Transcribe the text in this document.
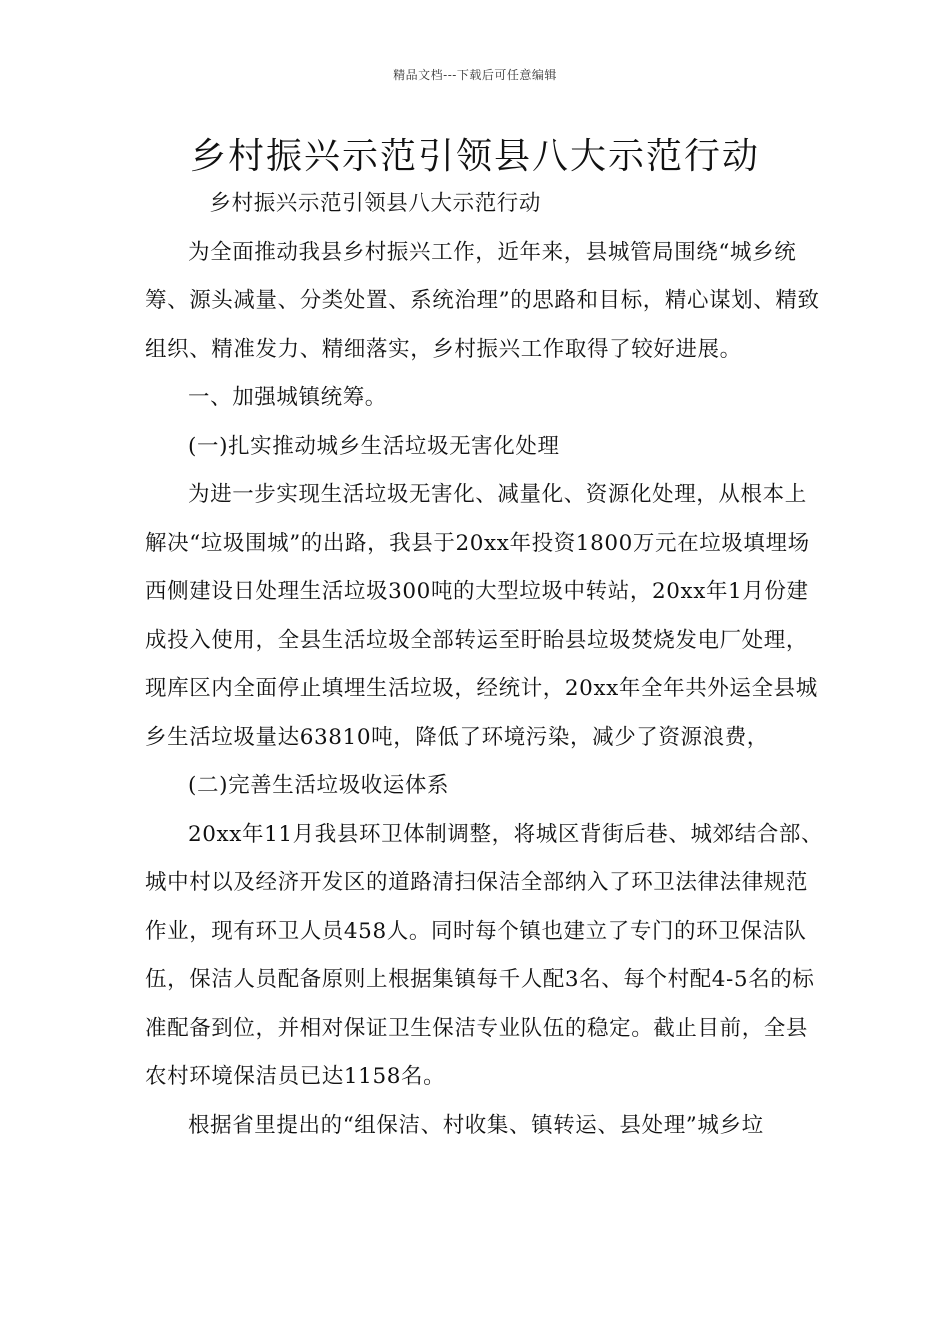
精品文档---下载后可任意编辑
乡村振兴示范引领县八大示范行动

乡村振兴示范引领县八大示范行动

为全面推动我县乡村振兴工作，近年来，县城管局围绕“城乡统筹、源头减量、分类处置、系统治理”的思路和目标，精心谋划、精致组织、精准发力、精细落实，乡村振兴工作取得了较好进展。

一、加强城镇统筹。

(一)扎实推动城乡生活垃圾无害化处理

为进一步实现生活垃圾无害化、减量化、资源化处理，从根本上解决“垃圾围城”的出路，我县于20xx年投资1800万元在垃圾填埋场西侧建设日处理生活垃圾300吨的大型垃圾中转站，20xx年1月份建成投入使用，全县生活垃圾全部转运至盱眙县垃圾焚烧发电厂处理，现库区内全面停止填埋生活垃圾，经统计，20xx年全年共外运全县城乡生活垃圾量达63810吨，降低了环境污染，减少了资源浪费，

(二)完善生活垃圾收运体系

20xx年11月我县环卫体制调整，将城区背街后巷、城郊结合部、城中村以及经济开发区的道路清扫保洁全部纳入了环卫法律法律规范作业，现有环卫人员458人。同时每个镇也建立了专门的环卫保洁队伍，保洁人员配备原则上根据集镇每千人配3名、每个村配4-5名的标准配备到位，并相对保证卫生保洁专业队伍的稳定。截止目前，全县农村环境保洁员已达1158名。

根据省里提出的“组保洁、村收集、镇转运、县处理”城乡垃
